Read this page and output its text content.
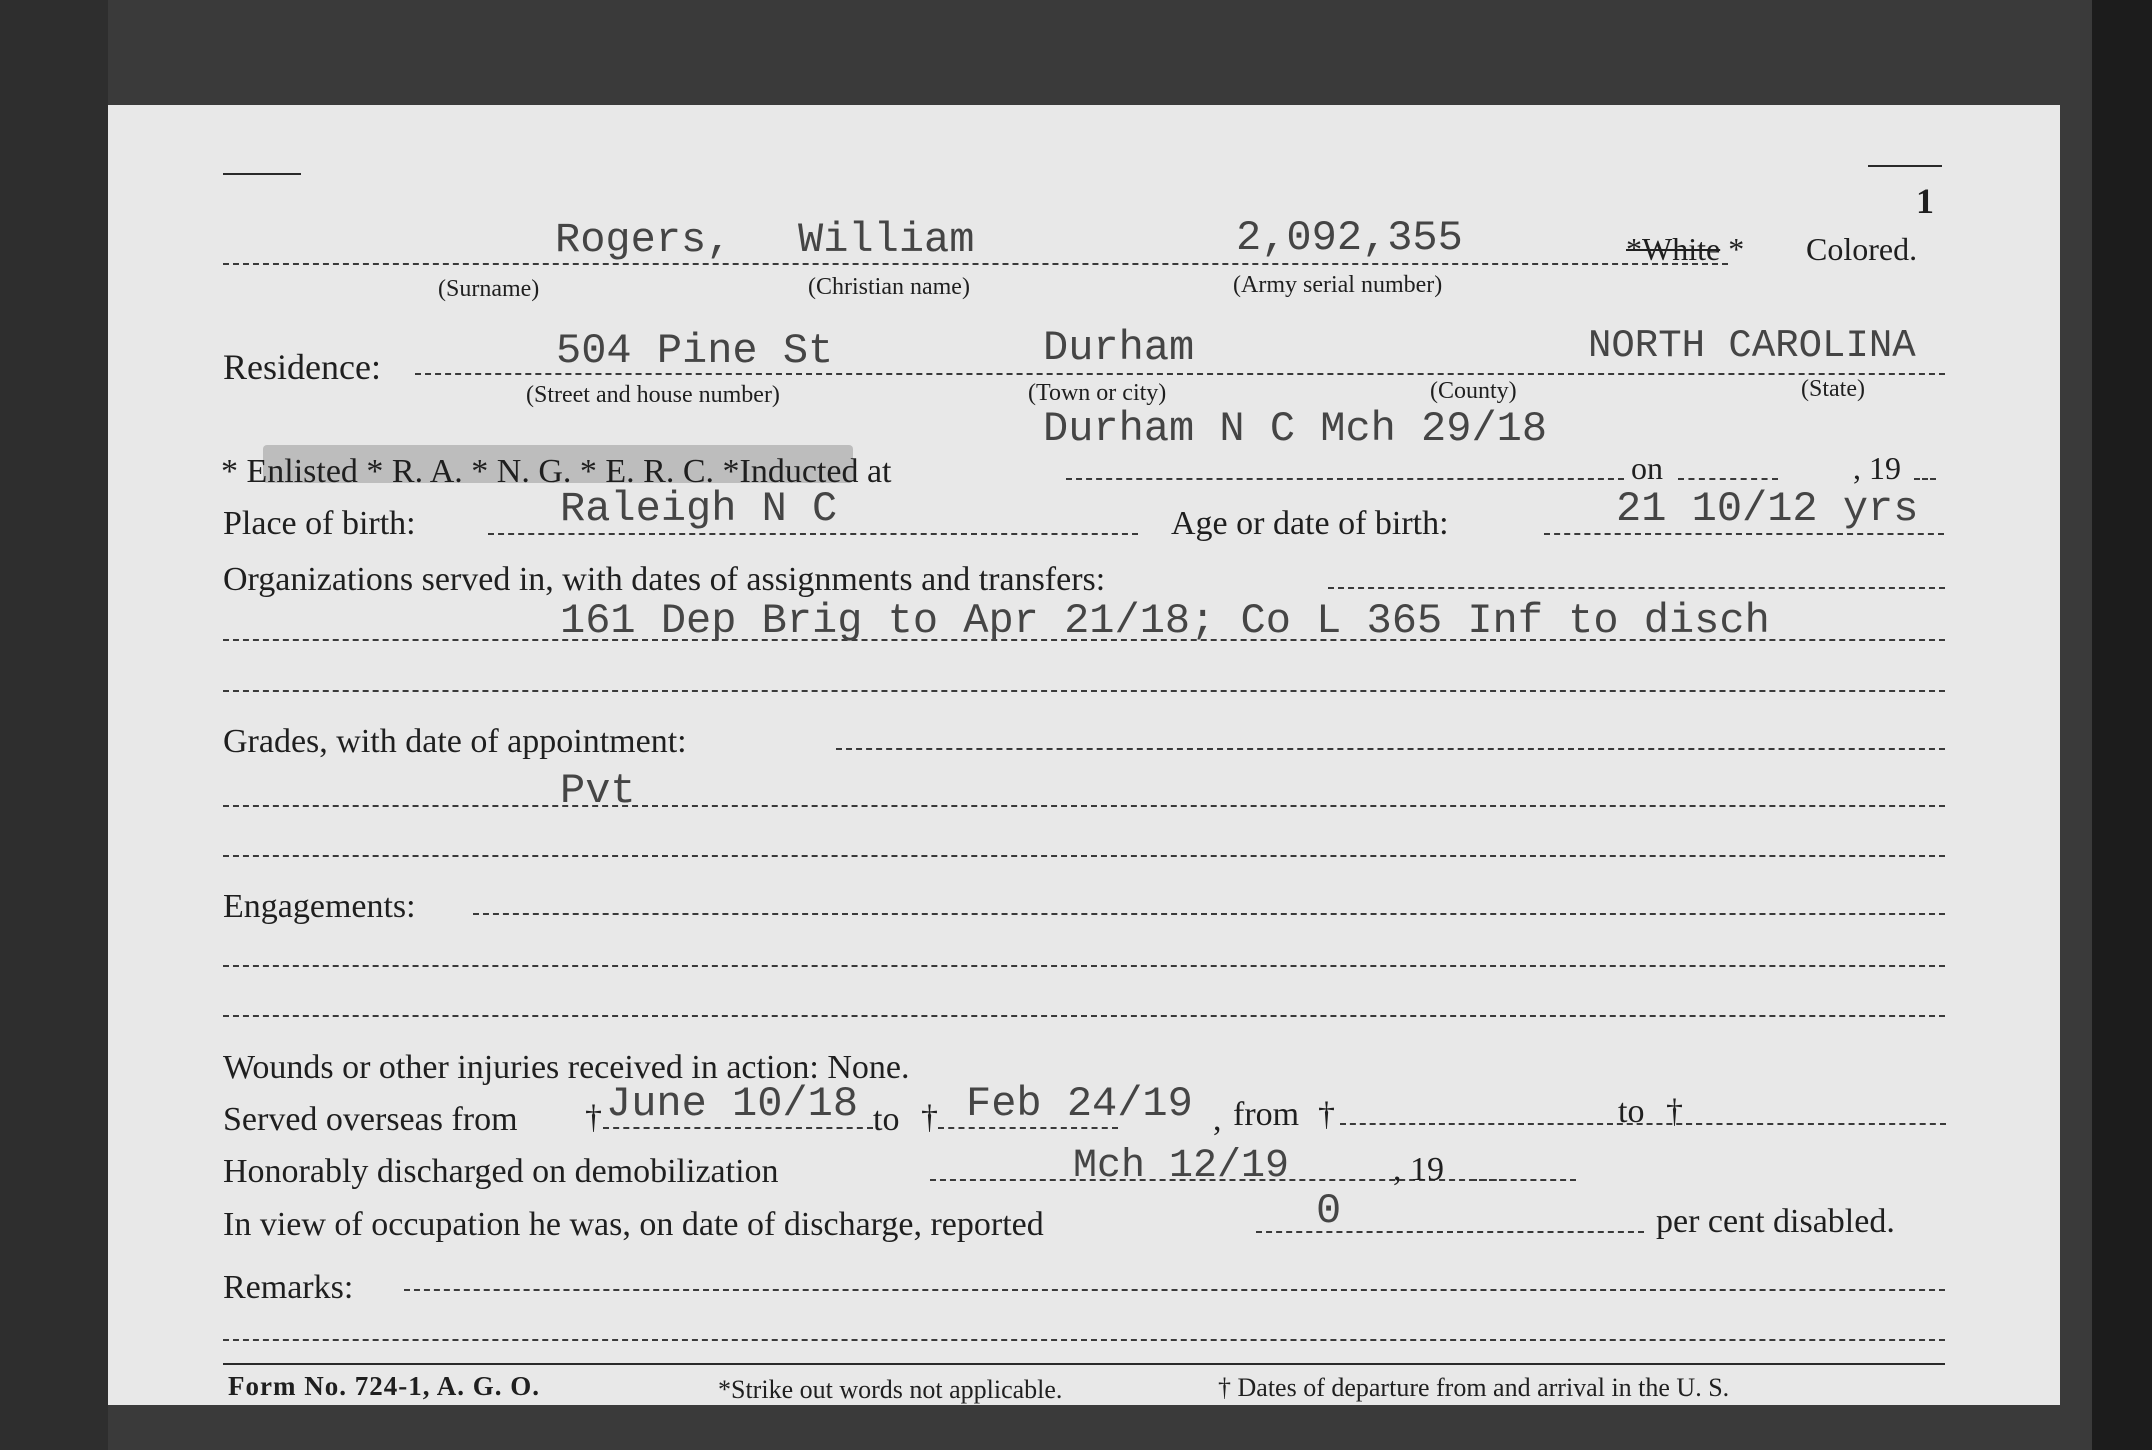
1
Rogers, William	2,092,355	*White * Colored.
(Surname)	(Christian name)	(Army serial number)
Residence:	504 Pine St	Durham	NORTH CAROLINA
(Street and house number)	(Town or city)	(County)	(State)
Durham N C Mch 29/18
* Enlisted * R. A. * N. G. * E. R. C. *Inducted at	on	, 19
Place of birth:	Raleigh N C	Age or date of birth:	21 10/12 yrs
Organizations served in, with dates of assignments and transfers:
161 Dep Brig to Apr 21/18; Co L 365 Inf to disch
Grades, with date of appointment:
Pvt
Engagements:
Wounds or other injuries received in action: None.
Served overseas from † June 10/18 to † Feb 24/19 , from †	to †
Honorably discharged on demobilization	Mch 12/19	, 19
In view of occupation he was, on date of discharge, reported	0	per cent disabled.
Remarks:
Form No. 724-1, A. G. O.	*Strike out words not applicable.	† Dates of departure from and arrival in the U. S.
